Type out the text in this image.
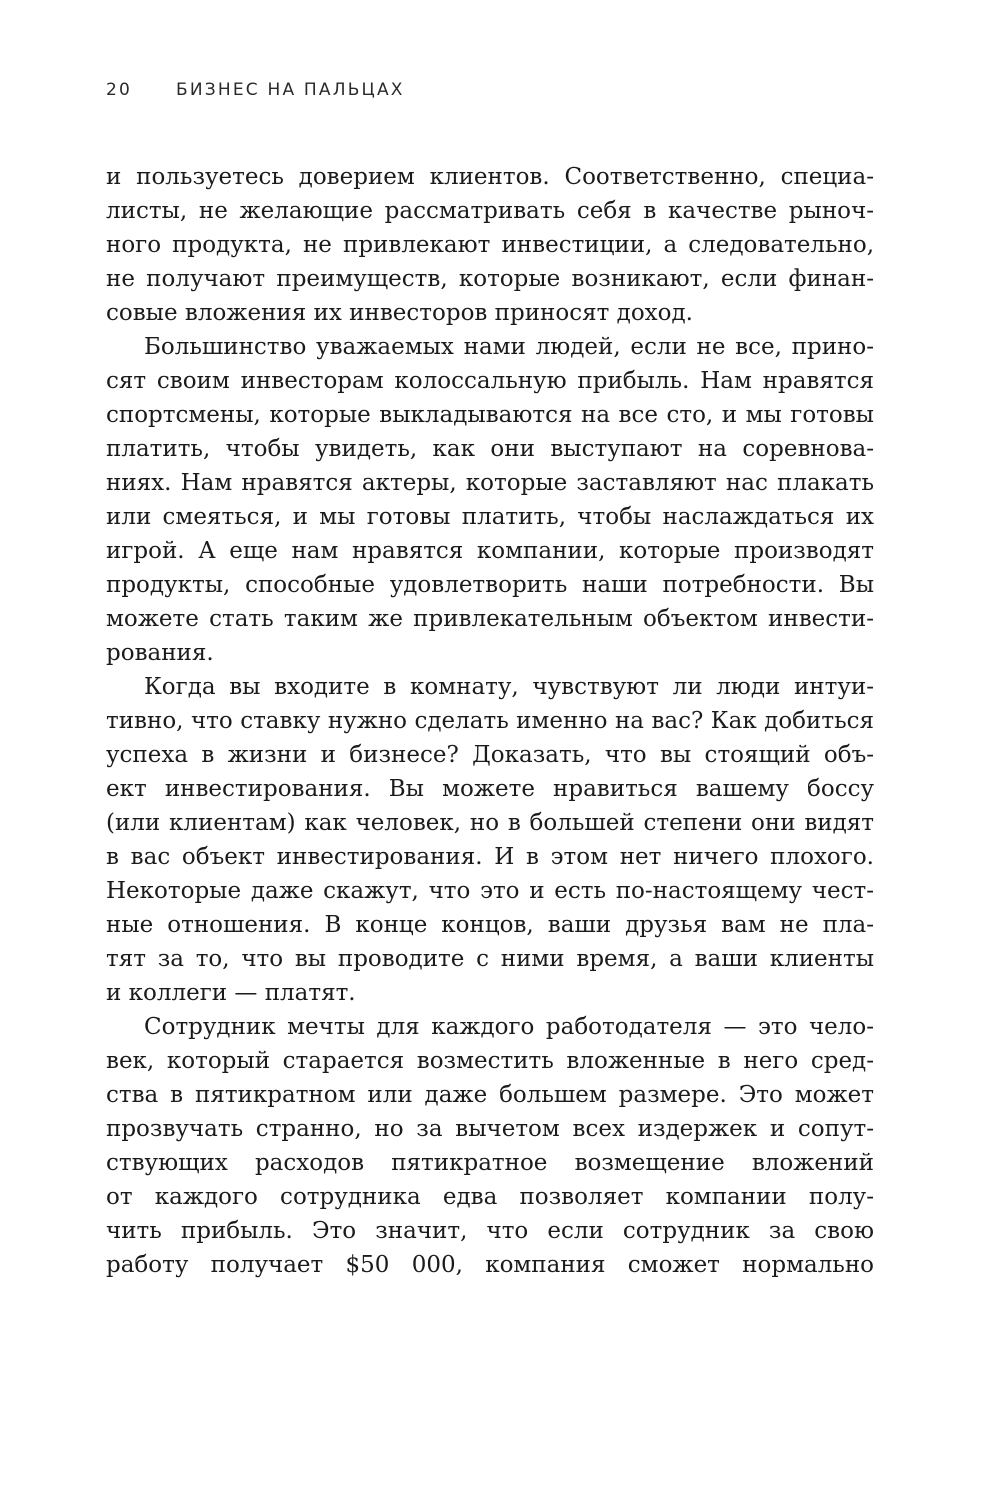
20	БИЗНЕС НА ПАЛЬЦАХ
и пользуетесь доверием клиентов. Соответственно, специа-
листы, не желающие рассматривать себя в качестве рыноч-
ного продукта, не привлекают инвестиции, а следовательно,
не получают преимуществ, которые возникают, если финан-
совые вложения их инвесторов приносят доход.
Большинство уважаемых нами людей, если не все, прино-
сят своим инвесторам колоссальную прибыль. Нам нравятся
спортсмены, которые выкладываются на все сто, и мы готовы
платить, чтобы увидеть, как они выступают на соревнова-
ниях. Нам нравятся актеры, которые заставляют нас плакать
или смеяться, и мы готовы платить, чтобы наслаждаться их
игрой. А еще нам нравятся компании, которые производят
продукты, способные удовлетворить наши потребности. Вы
можете стать таким же привлекательным объектом инвести-
рования.
Когда вы входите в комнату, чувствуют ли люди интуи-
тивно, что ставку нужно сделать именно на вас? Как добиться
успеха в жизни и бизнесе? Доказать, что вы стоящий объ-
ект инвестирования. Вы можете нравиться вашему боссу
(или клиентам) как человек, но в большей степени они видят
в вас объект инвестирования. И в этом нет ничего плохого.
Некоторые даже скажут, что это и есть по-настоящему чест-
ные отношения. В конце концов, ваши друзья вам не пла-
тят за то, что вы проводите с ними время, а ваши клиенты
и коллеги — платят.
Сотрудник мечты для каждого работодателя — это чело-
век, который старается возместить вложенные в него сред-
ства в пятикратном или даже большем размере. Это может
прозвучать странно, но за вычетом всех издержек и сопут-
ствующих расходов пятикратное возмещение вложений
от каждого сотрудника едва позволяет компании полу-
чить прибыль. Это значит, что если сотрудник за свою
работу получает $50 000, компания сможет нормально
